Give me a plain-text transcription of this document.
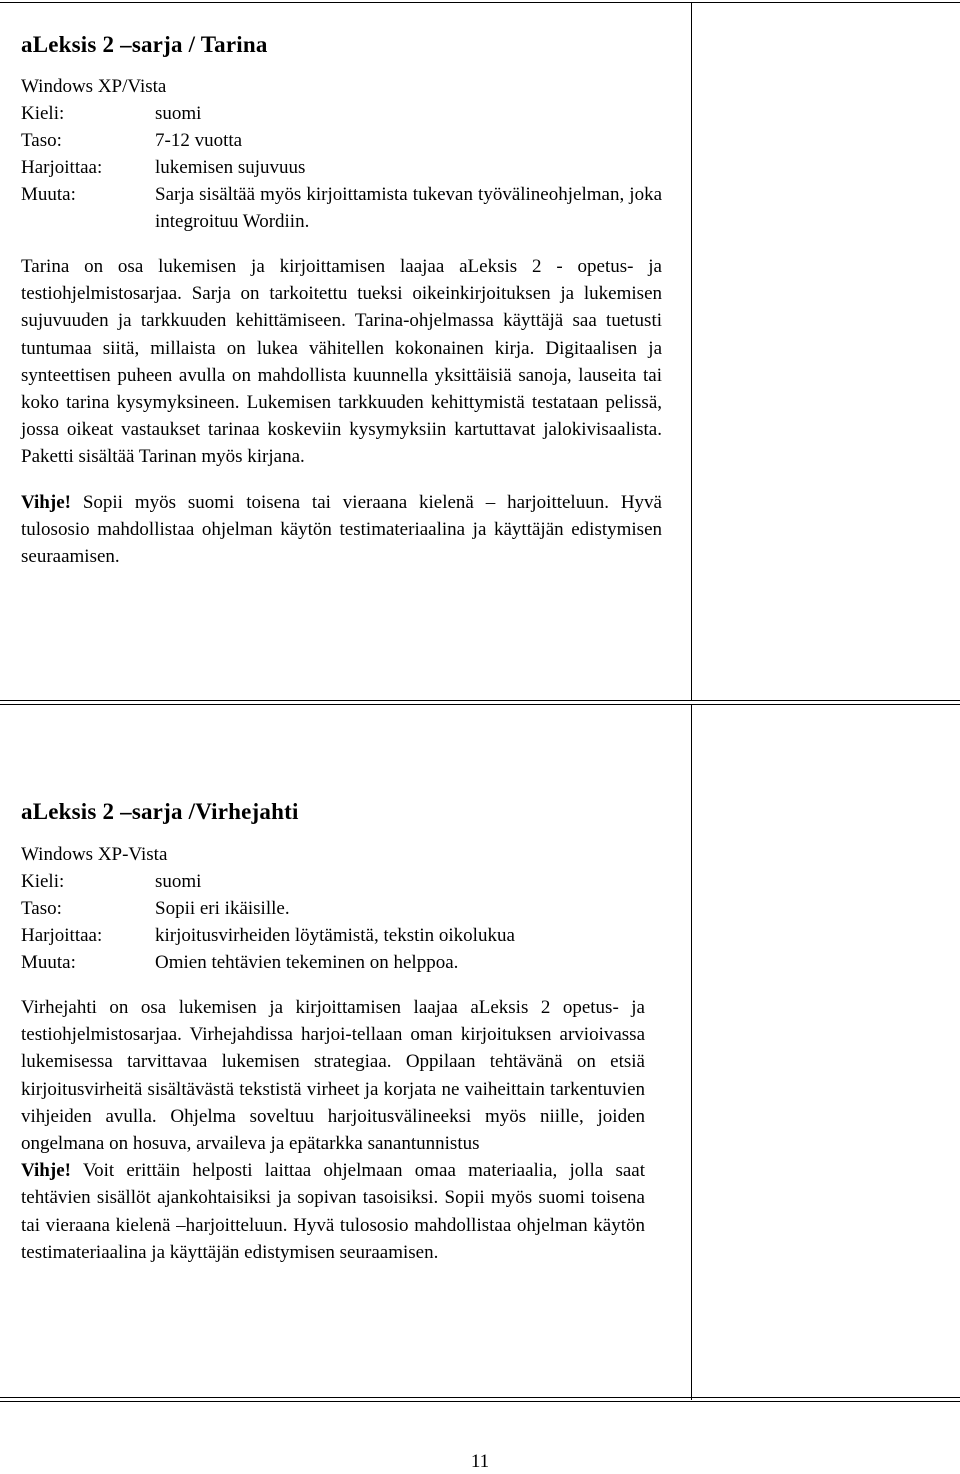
aLeksis 2 –sarja / Tarina
Windows XP/Vista
Kieli:	suomi
Taso:	7-12 vuotta
Harjoittaa:	lukemisen sujuvuus
Muuta:	Sarja sisältää myös kirjoittamista tukevan työvälineohjelman, joka integroituu Wordiin.

Tarina on osa lukemisen ja kirjoittamisen laajaa aLeksis 2 - opetus- ja testiohjelmistosarjaa. Sarja on tarkoitettu tueksi oikeinkirjoituksen ja lukemisen sujuvuuden ja tarkkuuden kehittämiseen. Tarina-ohjelmassa käyttäjä saa tuetusti tuntumaa siitä, millaista on lukea vähitellen kokonainen kirja. Digitaalisen ja synteettisen puheen avulla on mahdollista kuunnella yksittäisiä sanoja, lauseita tai koko tarina kysymyksineen. Lukemisen tarkkuuden kehittymistä testataan pelissä, jossa oikeat vastaukset tarinaa koskeviin kysymyksiin kartuttavat jalokivisaalista. Paketti sisältää Tarinan myös kirjana.

Vihje! Sopii myös suomi toisena tai vieraana kielenä – harjoitteluun. Hyvä tulososio mahdollistaa ohjelman käytön testimateriaalina ja käyttäjän edistymisen seuraamisen.

aLeksis 2 –sarja /Virhejahti
Windows XP-Vista
Kieli:	suomi
Taso:	Sopii eri ikäisille.
Harjoittaa:	kirjoitusvirheiden löytämistä, tekstin oikolukua
Muuta:	Omien tehtävien tekeminen on helppoa.

Virhejahti on osa lukemisen ja kirjoittamisen laajaa aLeksis 2 opetus- ja testiohjelmistosarjaa. Virhejahdissa harjoi-tellaan oman kirjoituksen arvioivassa lukemisessa tarvittavaa lukemisen strategiaa. Oppilaan tehtävänä on etsiä kirjoitusvirheitä sisältävästä tekstistä virheet ja korjata ne vaiheittain tarkentuvien vihjeiden avulla. Ohjelma soveltuu harjoitusvälineeksi myös niille, joiden ongelmana on hosuva, arvaileva ja epätarkka sanantunnistus

Vihje! Voit erittäin helposti laittaa ohjelmaan omaa materiaalia, jolla saat tehtävien sisällöt ajankohtaisiksi ja sopivan tasoisiksi. Sopii myös suomi toisena tai vieraana kielenä –harjoitteluun. Hyvä tulososio mahdollistaa ohjelman käytön testimateriaalina ja käyttäjän edistymisen seuraamisen.

11
